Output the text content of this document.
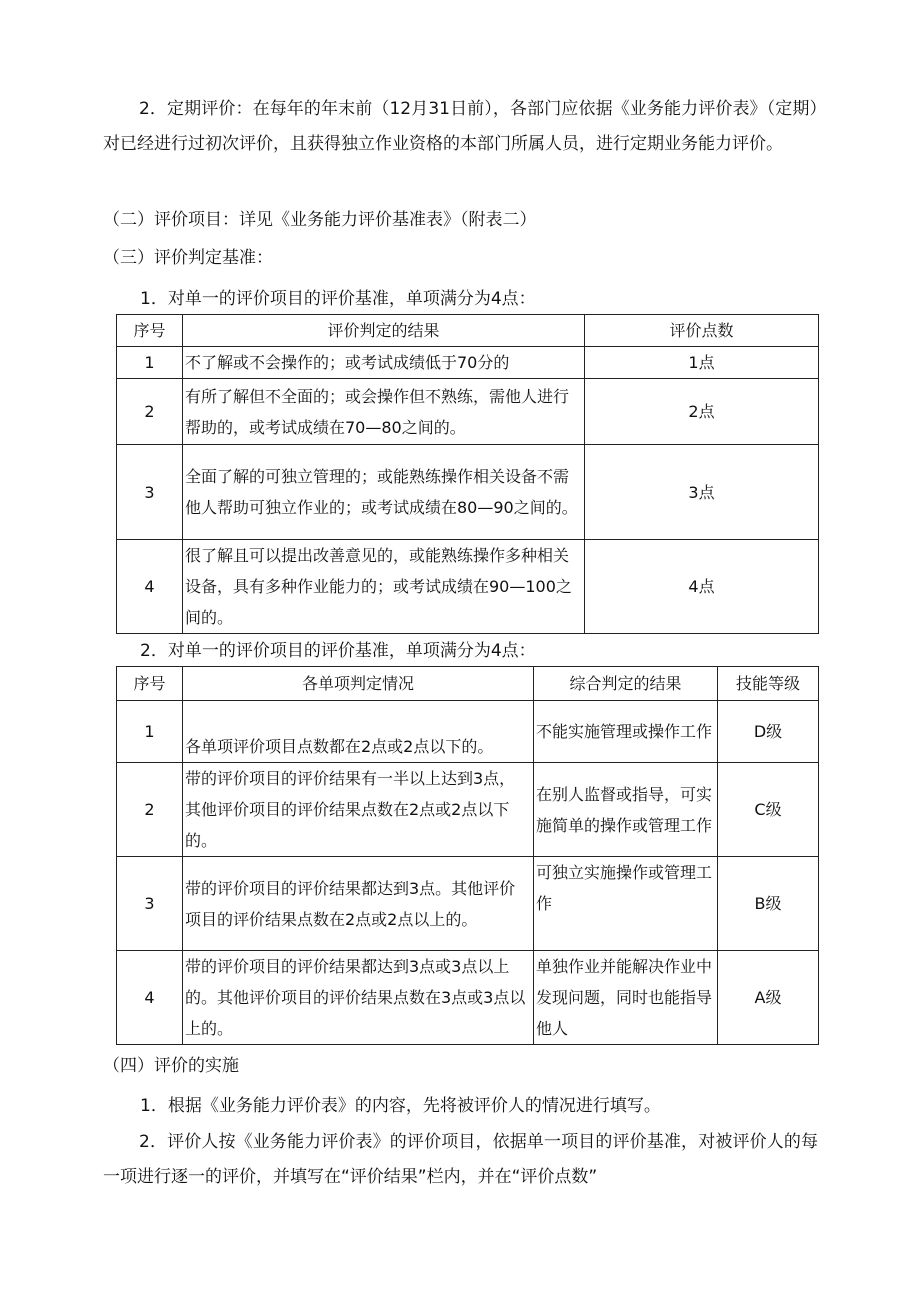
2．定期评价：在每年的年末前（12月31日前），各部门应依据《业务能力评价表》（定期）对已经进行过初次评价，且获得独立作业资格的本部门所属人员，进行定期业务能力评价。

（二）评价项目：详见《业务能力评价基准表》（附表二）

（三）评价判定基准：

1．对单一的评价项目的评价基准，单项满分为4点：

序号	评价判定的结果	评价点数
1	不了解或不会操作的；或考试成绩低于70分的	1点
2	有所了解但不全面的；或会操作但不熟练，需他人进行帮助的，或考试成绩在70—80之间的。	2点
3	全面了解的可独立管理的；或能熟练操作相关设备不需他人帮助可独立作业的；或考试成绩在80—90之间的。	3点
4	很了解且可以提出改善意见的，或能熟练操作多种相关设备，具有多种作业能力的；或考试成绩在90—100之间的。	4点

2．对单一的评价项目的评价基准，单项满分为4点：

序号	各单项判定情况	综合判定的结果	技能等级
1	各单项评价项目点数都在2点或2点以下的。	不能实施管理或操作工作	D级
2	带的评价项目的评价结果有一半以上达到3点，其他评价项目的评价结果点数在2点或2点以下的。	在别人监督或指导，可实施简单的操作或管理工作	C级
3	带的评价项目的评价结果都达到3点。其他评价项目的评价结果点数在2点或2点以上的。	可独立实施操作或管理工作	B级
4	带的评价项目的评价结果都达到3点或3点以上的。其他评价项目的评价结果点数在3点或3点以上的。	单独作业并能解决作业中发现问题，同时也能指导他人	A级

（四）评价的实施

1．根据《业务能力评价表》的内容，先将被评价人的情况进行填写。

2．评价人按《业务能力评价表》的评价项目，依据单一项目的评价基准，对被评价人的每一项进行逐一的评价，并填写在“评价结果”栏内，并在“评价点数”
